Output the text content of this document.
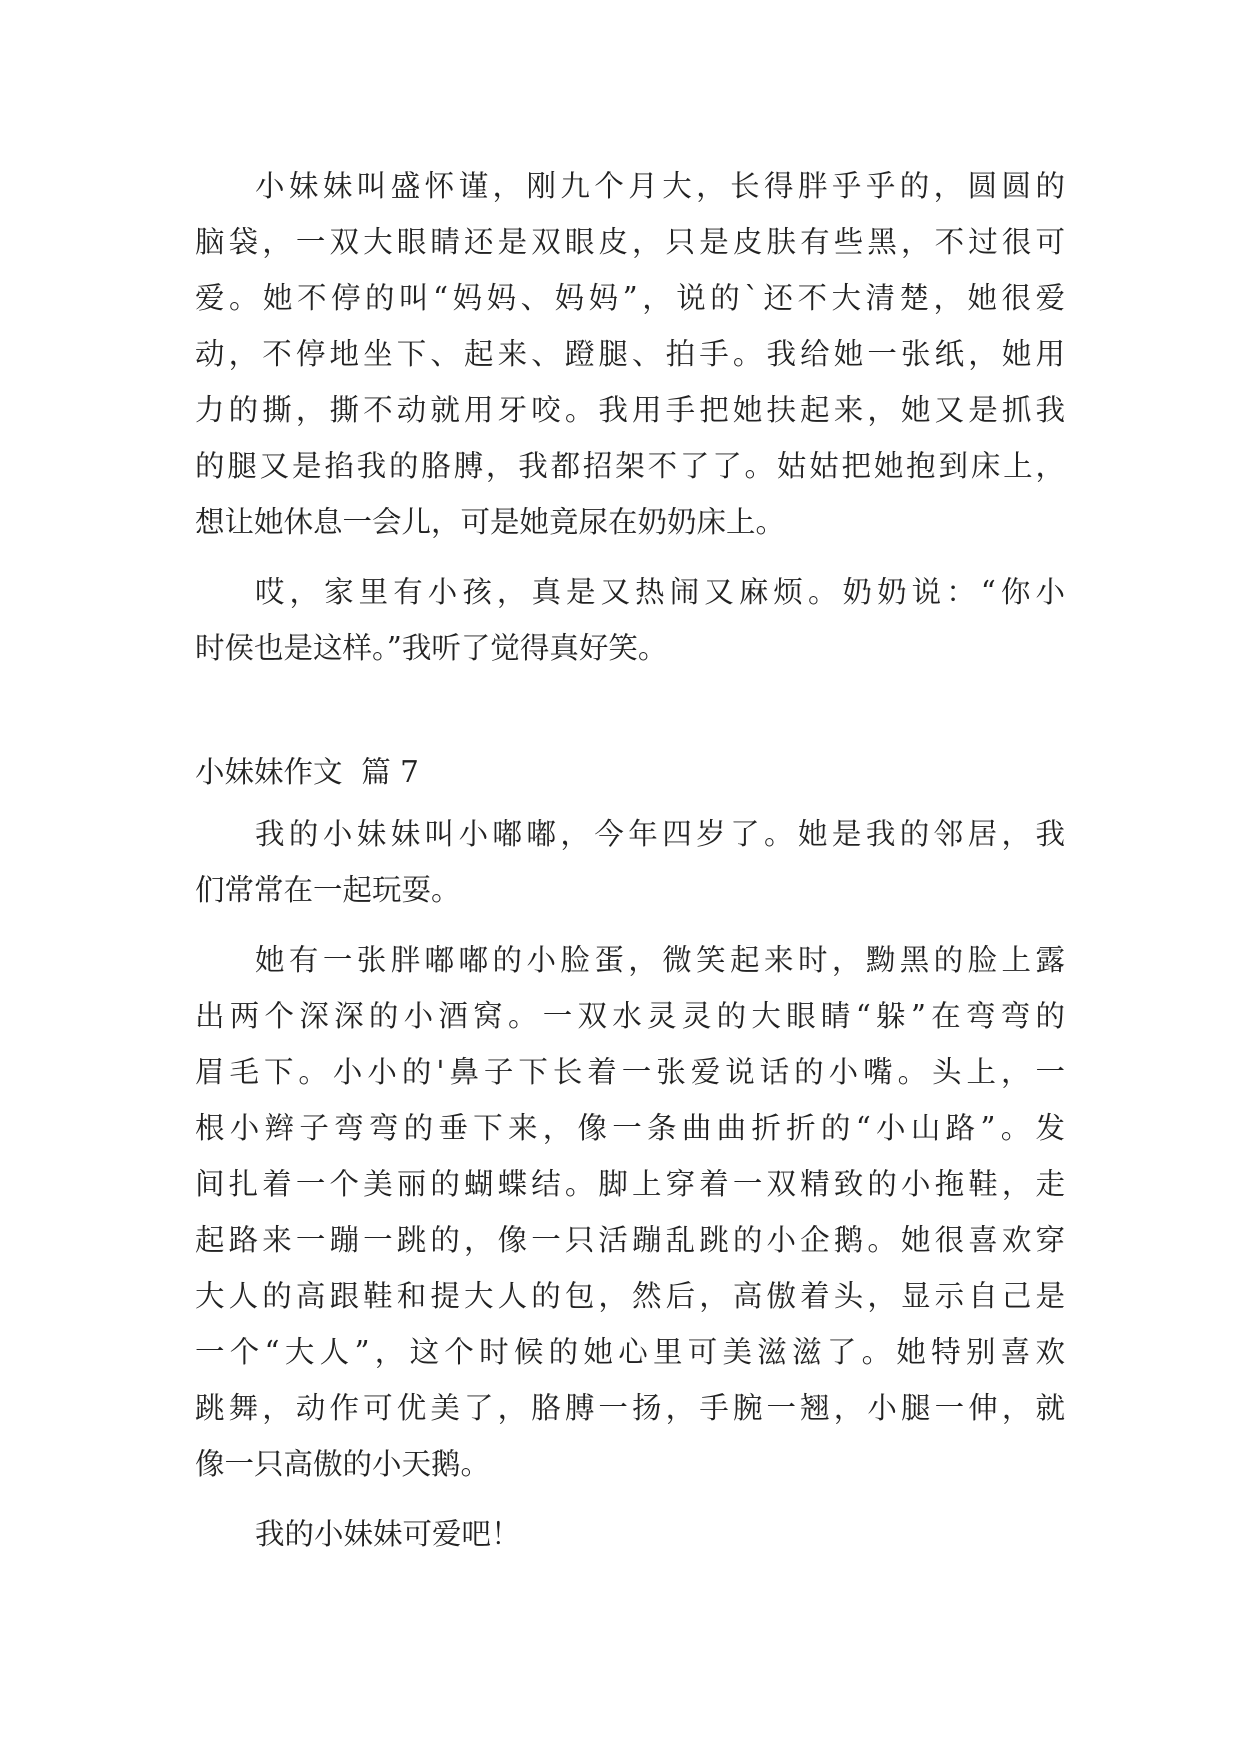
小妹妹叫盛怀谨，刚九个月大，长得胖乎乎的，圆圆的
脑袋，一双大眼睛还是双眼皮，只是皮肤有些黑，不过很可
爱。她不停的叫“妈妈、妈妈”，说的`还不大清楚，她很爱
动，不停地坐下、起来、蹬腿、拍手。我给她一张纸，她用
力的撕，撕不动就用牙咬。我用手把她扶起来，她又是抓我
的腿又是掐我的胳膊，我都招架不了了。姑姑把她抱到床上，
想让她休息一会儿，可是她竟尿在奶奶床上。
哎，家里有小孩，真是又热闹又麻烦。奶奶说：“你小
时侯也是这样。”我听了觉得真好笑。
小妹妹作文  篇 7
我的小妹妹叫小嘟嘟，今年四岁了。她是我的邻居，我
们常常在一起玩耍。
她有一张胖嘟嘟的小脸蛋，微笑起来时，黝黑的脸上露
出两个深深的小酒窝。一双水灵灵的大眼睛“躲”在弯弯的
眉毛下。小小的'鼻子下长着一张爱说话的小嘴。头上，一
根小辫子弯弯的垂下来，像一条曲曲折折的“小山路”。发
间扎着一个美丽的蝴蝶结。脚上穿着一双精致的小拖鞋，走
起路来一蹦一跳的，像一只活蹦乱跳的小企鹅。她很喜欢穿
大人的高跟鞋和提大人的包，然后，高傲着头，显示自己是
一个“大人”，这个时候的她心里可美滋滋了。她特别喜欢
跳舞，动作可优美了，胳膊一扬，手腕一翘，小腿一伸，就
像一只高傲的小天鹅。
我的小妹妹可爱吧！
